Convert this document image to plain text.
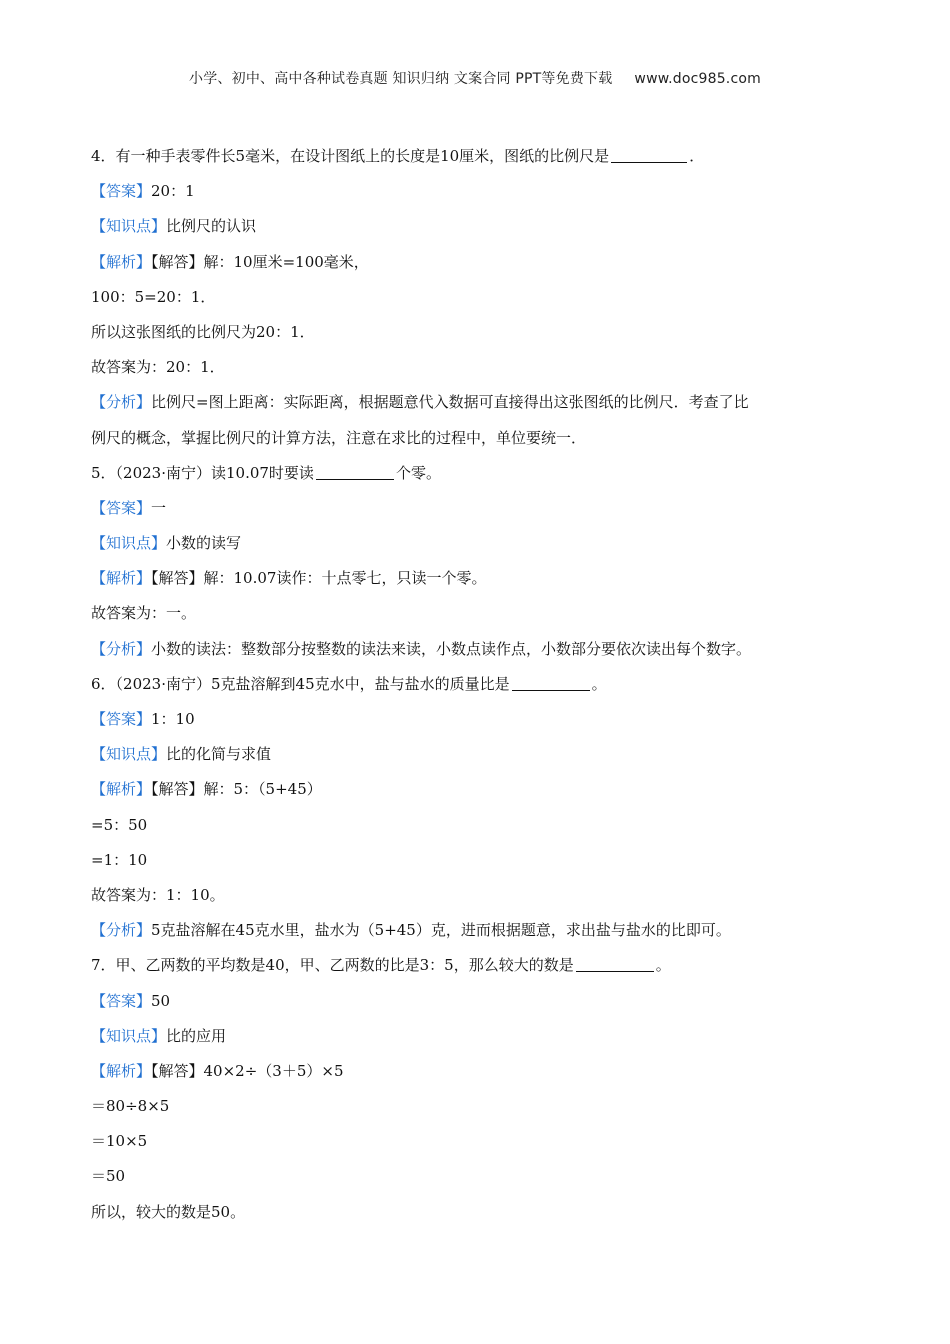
小学、初中、高中各种试卷真题 知识归纳 文案合同 PPT等免费下载 www.doc985.com
4．有一种手表零件长5毫米，在设计图纸上的长度是10厘米，图纸的比例尺是	．
【答案】20：1
【知识点】比例尺的认识
【解析】【解答】解：10厘米=100毫米，
100：5=20：1．
所以这张图纸的比例尺为20：1．
故答案为：20：1．
【分析】比例尺=图上距离：实际距离，根据题意代入数据可直接得出这张图纸的比例尺．考查了比
例尺的概念，掌握比例尺的计算方法，注意在求比的过程中，单位要统一．
5．（2023·南宁）读10.07时要读	个零。
【答案】一
【知识点】小数的读写
【解析】【解答】解：10.07读作：十点零七，只读一个零。
故答案为：一。
【分析】小数的读法：整数部分按整数的读法来读，小数点读作点，小数部分要依次读出每个数字。
6．（2023·南宁）5克盐溶解到45克水中，盐与盐水的质量比是	。
【答案】1：10
【知识点】比的化简与求值
【解析】【解答】解：5：（5+45）
=5：50
=1：10
故答案为：1：10。
【分析】5克盐溶解在45克水里，盐水为（5+45）克，进而根据题意，求出盐与盐水的比即可。
7．甲、乙两数的平均数是40，甲、乙两数的比是3：5，那么较大的数是	。
【答案】50
【知识点】比的应用
【解析】【解答】40×2÷（3＋5）×5
＝80÷8×5
＝10×5
＝50
所以，较大的数是50。
